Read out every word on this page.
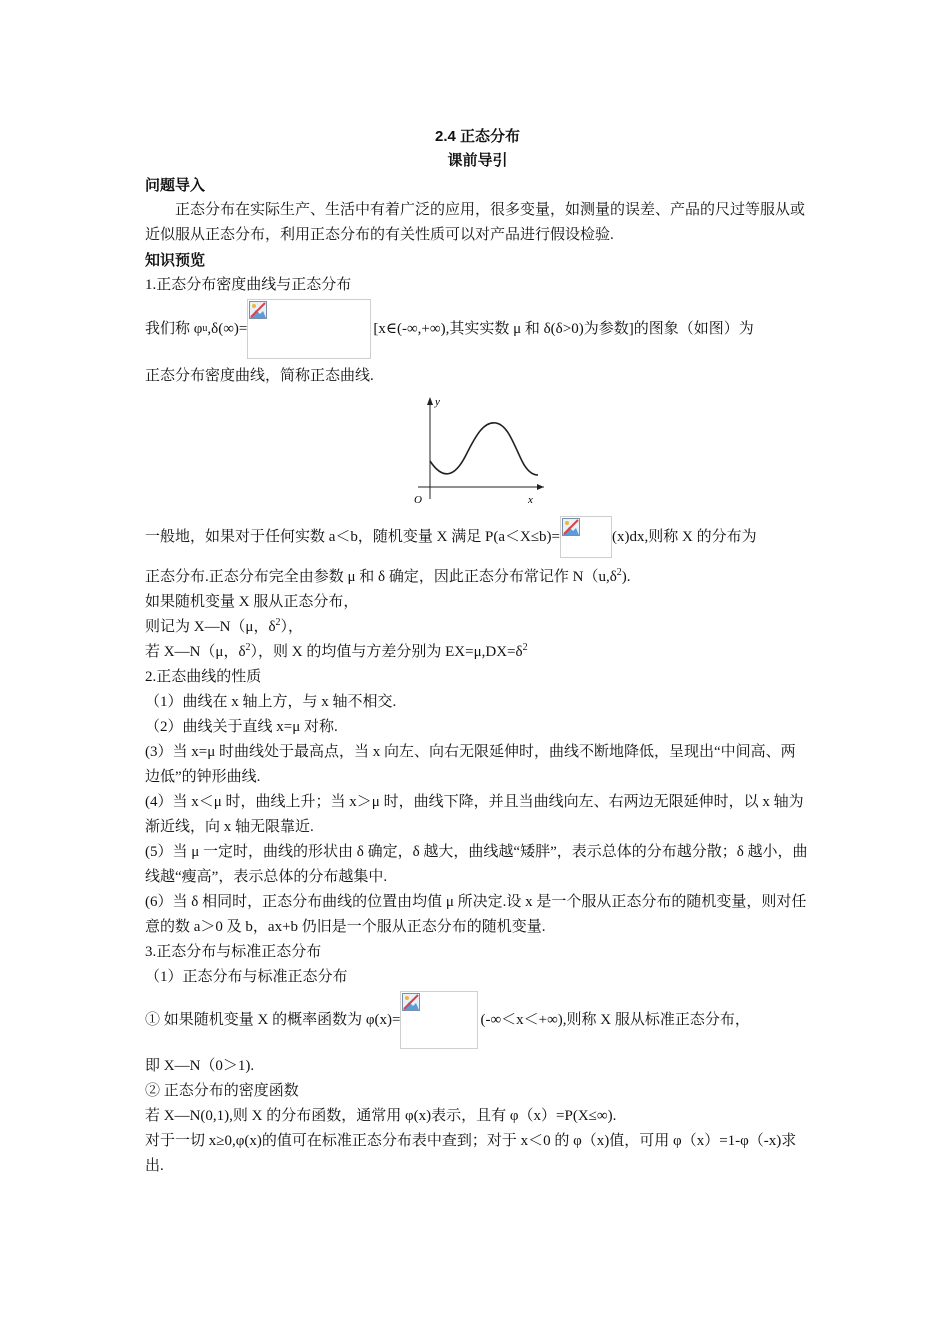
2.4 正态分布
课前导引
问题导入

正态分布在实际生产、生活中有着广泛的应用，很多变量，如测量的误差、产品的尺过等服从或近似服从正态分布，利用正态分布的有关性质可以对产品进行假设检验.

知识预览

1.正态分布密度曲线与正态分布

我们称 φ u ,δ(∞)=	[x∈(-∞,+∞),其实实数 μ 和 δ(δ>0)为参数]的图象（如图）为

正态分布密度曲线，简称正态曲线.

y
x
O
一般地，如果对于任何实数 a＜b，随机变量 X 满足 P(a＜X≤b)=	(x)dx,则称 X 的分布为

正态分布.正态分布完全由参数 μ 和 δ 确定，因此正态分布常记作 $N(u,\delta^2)$.

如果随机变量 X 服从正态分布，

则记为 X—N（μ，$\delta^2$），

若 X—N（μ，$\delta^2$），则 X 的均值与方差分别为 $EX=\mu,DX=\delta^2$

2.正态曲线的性质

（1）曲线在 x 轴上方，与 x 轴不相交.

（2）曲线关于直线 x=μ 对称.

(3）当 x=μ 时曲线处于最高点，当 x 向左、向右无限延伸时，曲线不断地降低，呈现出“中间高、两边低”的钟形曲线.

(4）当 x＜μ 时，曲线上升；当 x＞μ 时，曲线下降，并且当曲线向左、右两边无限延伸时，以 x 轴为渐近线，向 x 轴无限靠近.

(5）当 μ 一定时，曲线的形状由 δ 确定，δ 越大，曲线越“矮胖”，表示总体的分布越分散；δ 越小，曲线越“瘦高”，表示总体的分布越集中.

(6）当 δ 相同时，正态分布曲线的位置由均值 μ 所决定.设 x 是一个服从正态分布的随机变量，则对任意的数 a＞0 及 b，ax+b 仍旧是一个服从正态分布的随机变量.

3.正态分布与标准正态分布

（1）正态分布与标准正态分布

① 如果随机变量 X 的概率函数为 φ(x)=	(-∞＜x＜+∞),则称 X 服从标准正态分布，

即 X—N（0＞1).

② 正态分布的密度函数

若 X—N(0,1),则 X 的分布函数，通常用 φ(x)表示，且有 φ（x）=P(X≤∞).

对于一切 x≥0,φ(x)的值可在标准正态分布表中查到；对于 x＜0 的 φ（x)值，可用 φ（x）=1-φ（-x)求出.
